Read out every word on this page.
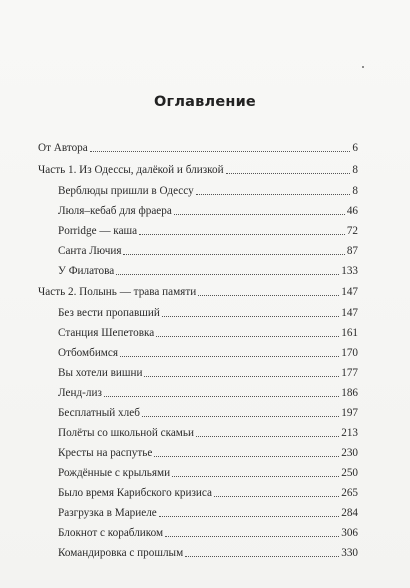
Оглавление
От Автора	6
Часть 1. Из Одессы, далёкой и близкой	8
Верблюды пришли в Одессу	8
Люля–кебаб для фраера	46
Porridge — каша	72
Санта Лючия	87
У Филатова	133
Часть 2. Полынь — трава памяти	147
Без вести пропавший	147
Станция Шепетовка	161
Отбомбимся	170
Вы хотели вишни	177
Ленд-лиз	186
Бесплатный хлеб	197
Полёты со школьной скамьи	213
Кресты на распутье	230
Рождённые с крыльями	250
Было время Карибского кризиса	265
Разгрузка в Мариеле	284
Блокнот с корабликом	306
Командировка с прошлым	330
